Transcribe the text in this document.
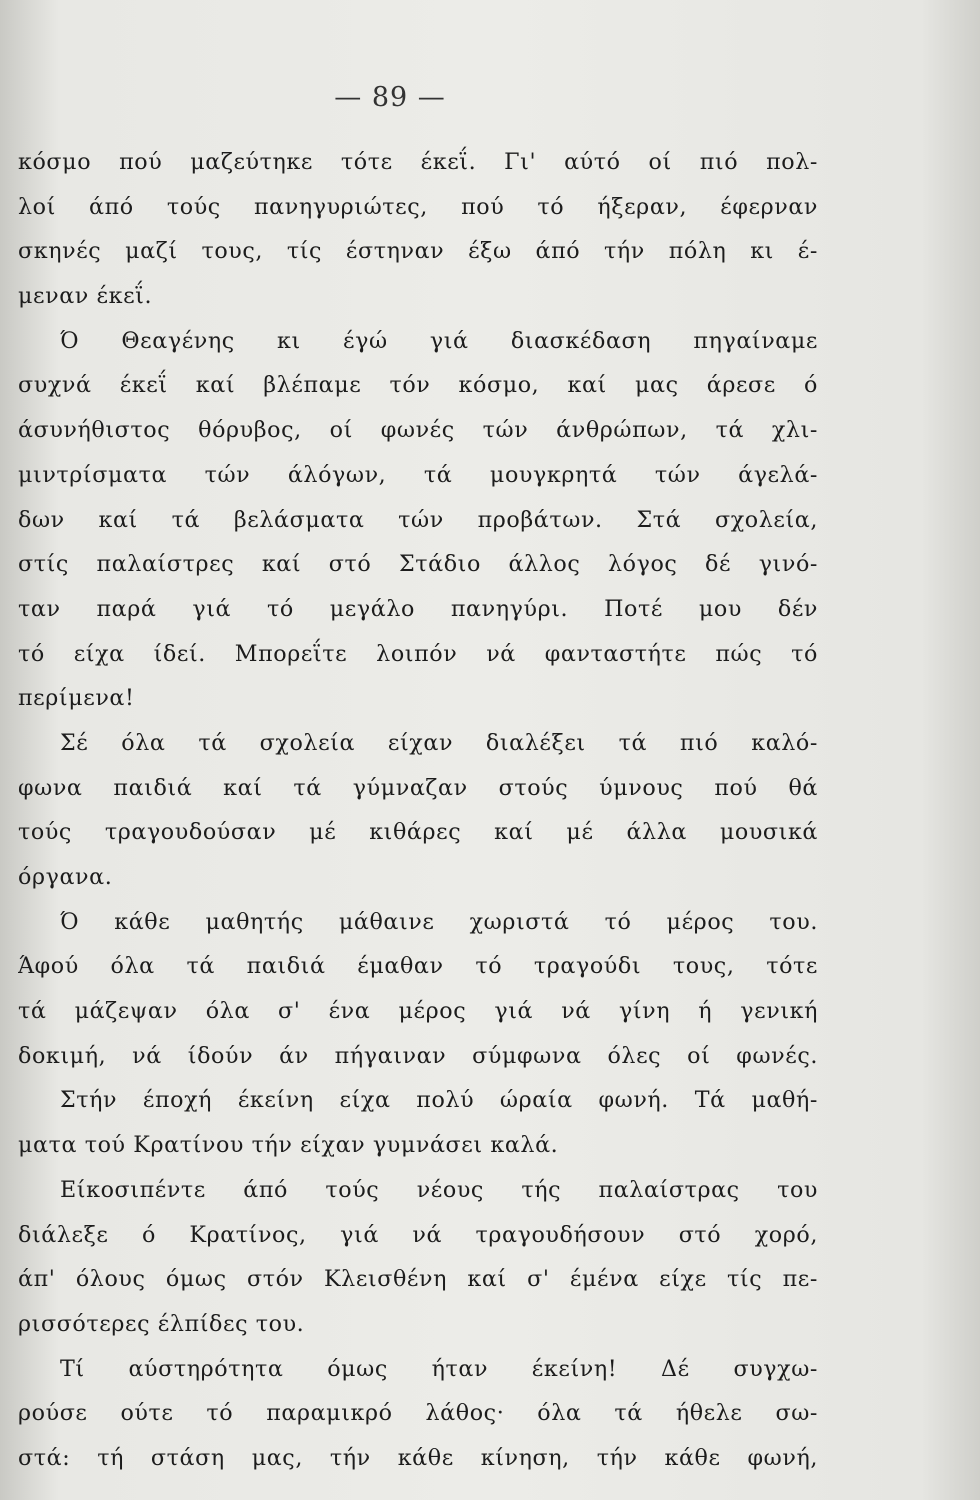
— 89 —
κόσμο πού μαζεύτηκε τότε έκεΐ. Γι' αύτό οί πιό πολ-
λοί άπό τούς πανηγυριώτες, πού τό ήξεραν, έφερναν
σκηνές μαζί τους, τίς έστηναν έξω άπό τήν πόλη κι έ-
μεναν έκεΐ.
Ό Θεαγένης κι έγώ γιά διασκέδαση πηγαίναμε
συχνά έκεΐ καί βλέπαμε τόν κόσμο, καί μας άρεσε ό
άσυνήθιστος θόρυβος, οί φωνές τών άνθρώπων, τά χλι-
μιντρίσματα τών άλόγων, τά μουγκρητά τών άγελά-
δων καί τά βελάσματα τών προβάτων. Στά σχολεία,
στίς παλαίστρες καί στό Στάδιο άλλος λόγος δέ γινό-
ταν παρά γιά τό μεγάλο πανηγύρι. Ποτέ μου δέν
τό είχα ίδεί. Μπορεΐτε λοιπόν νά φανταστήτε πώς τό
περίμενα!
Σέ όλα τά σχολεία είχαν διαλέξει τά πιό καλό-
φωνα παιδιά καί τά γύμναζαν στούς ύμνους πού θά
τούς τραγουδούσαν μέ κιθάρες καί μέ άλλα μουσικά
όργανα.
Ό κάθε μαθητής μάθαινε χωριστά τό μέρος του.
Άφού όλα τά παιδιά έμαθαν τό τραγούδι τους, τότε
τά μάζεψαν όλα σ' ένα μέρος γιά νά γίνη ή γενική
δοκιμή, νά ίδούν άν πήγαιναν σύμφωνα όλες οί φωνές.
Στήν έποχή έκείνη είχα πολύ ώραία φωνή. Τά μαθή-
ματα τού Κρατίνου τήν είχαν γυμνάσει καλά.
Είκοσιπέντε άπό τούς νέους τής παλαίστρας του
διάλεξε ό Κρατίνος, γιά νά τραγουδήσουν στό χορό,
άπ' όλους όμως στόν Κλεισθένη καί σ' έμένα είχε τίς πε-
ρισσότερες έλπίδες του.
Τί αύστηρότητα όμως ήταν έκείνη! Δέ συγχω-
ρούσε ούτε τό παραμικρό λάθος· όλα τά ήθελε σω-
στά: τή στάση μας, τήν κάθε κίνηση, τήν κάθε φωνή,
